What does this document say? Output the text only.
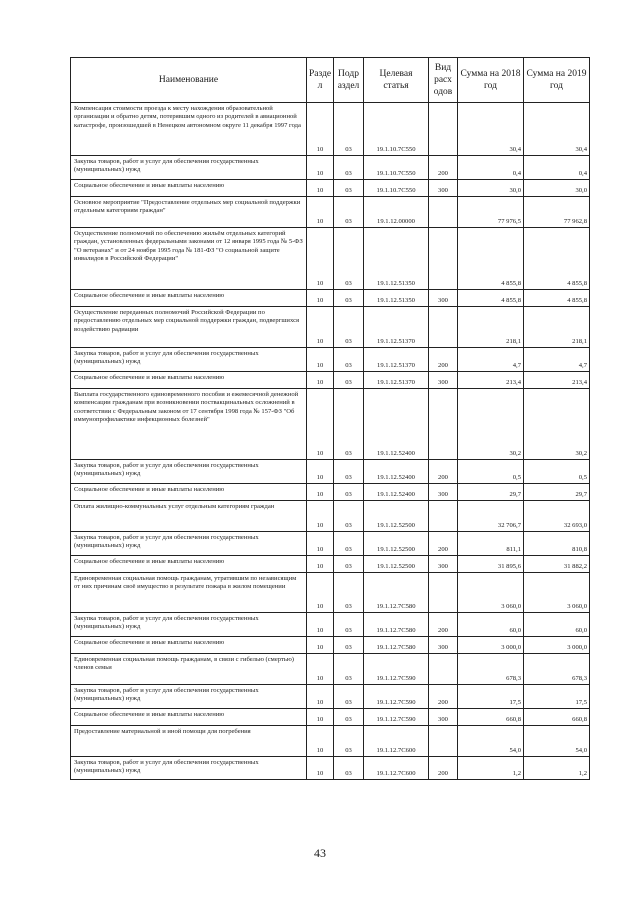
Наименование	Разде л	Подр аздел	Целевая статья	Вид расх одов	Сумма на 2018 год	Сумма на 2019 год
Компенсация стоимости проезда к месту нахождения образовательной организации и обратно детям, потерявшим одного из родителей в авиационной катастрофе, произошедшей в Ненецком автономном округе 11 декабря 1997 года	10	03	19.1.10.7С550		30,4	30,4
Закупка товаров, работ и услуг для обеспечения государственных (муниципальных) нужд	10	03	19.1.10.7С550	200	0,4	0,4
Социальное обеспечение и иные выплаты населению	10	03	19.1.10.7С550	300	30,0	30,0
Основное мероприятие "Предоставление отдельных мер социальной поддержки отдельным категориям граждан"	10	03	19.1.12.00000		77 976,5	77 962,8
Осуществление полномочий по обеспечению жильём отдельных категорий граждан, установленных федеральными законами от 12 января 1995 года № 5-ФЗ "О ветеранах" и от 24 ноября 1995 года № 181-ФЗ "О социальной защите инвалидов в Российской Федерации"	10	03	19.1.12.51350		4 855,8	4 855,8
Социальное обеспечение и иные выплаты населению	10	03	19.1.12.51350	300	4 855,8	4 855,8
Осуществление переданных полномочий Российской Федерации по предоставлению отдельных мер социальной поддержки граждан, подвергшихся воздействию радиации	10	03	19.1.12.51370		218,1	218,1
Закупка товаров, работ и услуг для обеспечения государственных (муниципальных) нужд	10	03	19.1.12.51370	200	4,7	4,7
Социальное обеспечение и иные выплаты населению	10	03	19.1.12.51370	300	213,4	213,4
Выплата государственного единовременного пособия и ежемесячной денежной компенсации гражданам при возникновении поствакцинальных осложнений в соответствии с Федеральным законом от 17 сентября 1998 года № 157-ФЗ "Об иммунопрофилактике инфекционных болезней"	10	03	19.1.12.52400		30,2	30,2
Закупка товаров, работ и услуг для обеспечения государственных (муниципальных) нужд	10	03	19.1.12.52400	200	0,5	0,5
Социальное обеспечение и иные выплаты населению	10	03	19.1.12.52400	300	29,7	29,7
Оплата жилищно-коммунальных услуг отдельным категориям граждан	10	03	19.1.12.52500		32 706,7	32 693,0
Закупка товаров, работ и услуг для обеспечения государственных (муниципальных) нужд	10	03	19.1.12.52500	200	811,1	810,8
Социальное обеспечение и иные выплаты населению	10	03	19.1.12.52500	300	31 895,6	31 882,2
Единовременная социальная помощь гражданам, утратившим по независящим от них причинам своё имущество в результате пожара в жилом помещении	10	03	19.1.12.7С580		3 060,0	3 060,0
Закупка товаров, работ и услуг для обеспечения государственных (муниципальных) нужд	10	03	19.1.12.7С580	200	60,0	60,0
Социальное обеспечение и иные выплаты населению	10	03	19.1.12.7С580	300	3 000,0	3 000,0
Единовременная социальная помощь гражданам, в связи с гибелью (смертью) членов семьи	10	03	19.1.12.7С590		678,3	678,3
Закупка товаров, работ и услуг для обеспечения государственных (муниципальных) нужд	10	03	19.1.12.7С590	200	17,5	17,5
Социальное обеспечение и иные выплаты населению	10	03	19.1.12.7С590	300	660,8	660,8
Предоставление материальной и иной помощи для погребения	10	03	19.1.12.7С600		54,0	54,0
Закупка товаров, работ и услуг для обеспечения государственных (муниципальных) нужд	10	03	19.1.12.7С600	200	1,2	1,2
43
